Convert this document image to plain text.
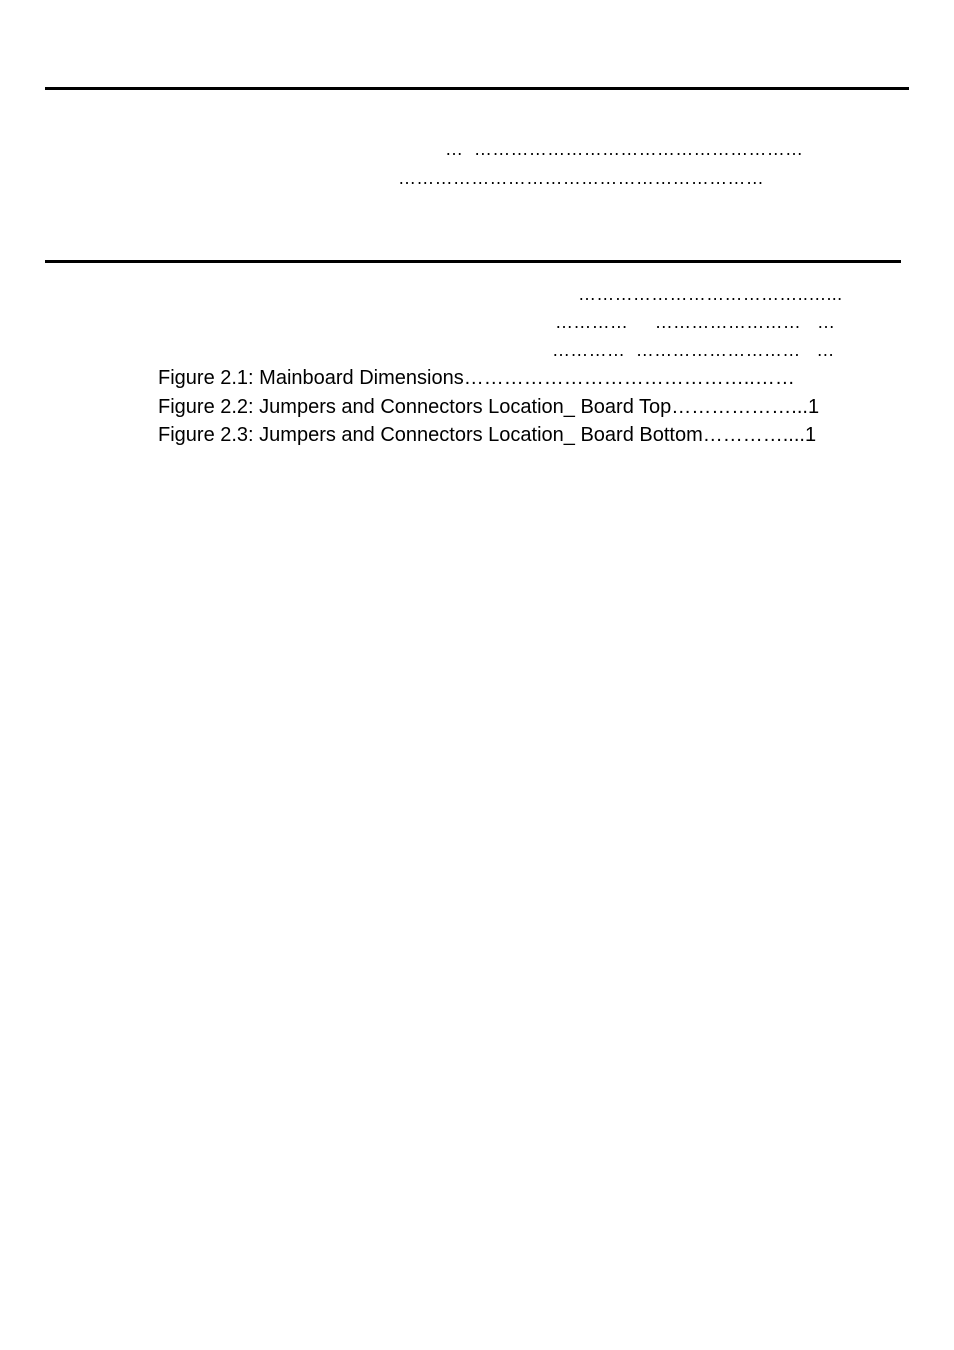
…  ………………………………………………
……………………………………………………
………………………………..…...
…………     ……………………   …
…………  ………………………   …
Figure 2.1: Mainboard Dimensions……………………………………..……
Figure 2.2: Jumpers and Connectors Location_ Board Top………………...1
Figure 2.3: Jumpers and Connectors Location_ Board Bottom…………....1
